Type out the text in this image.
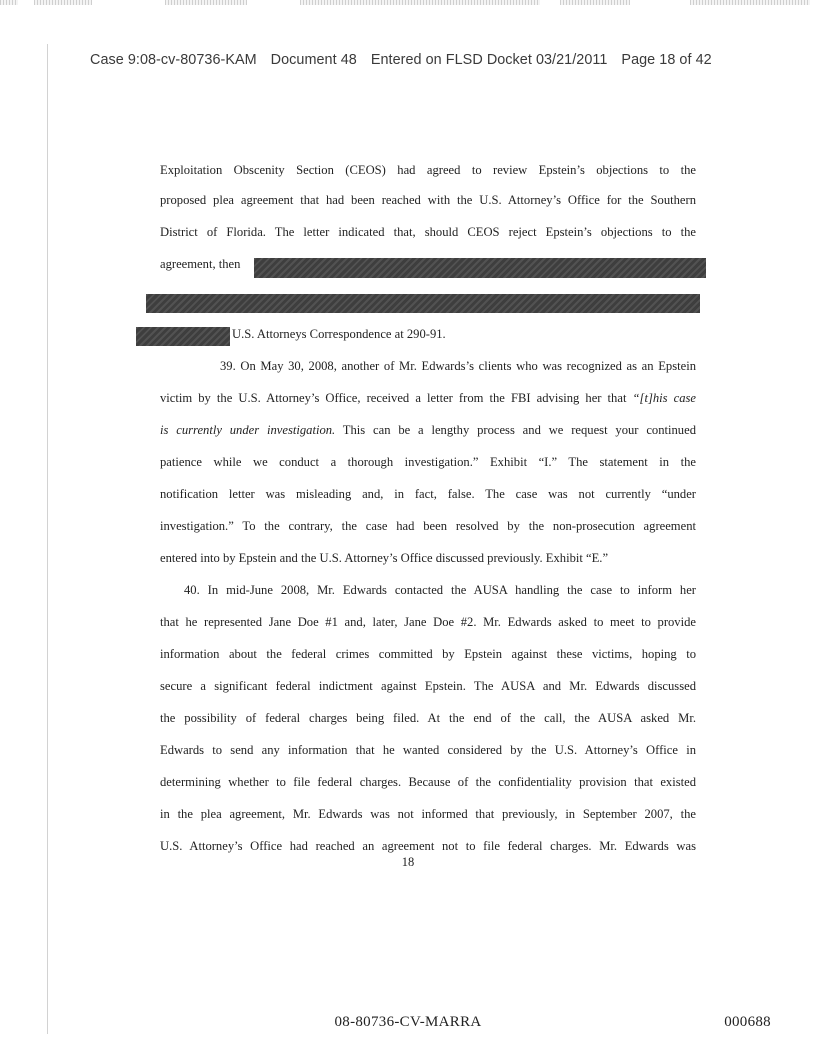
Case 9:08-cv-80736-KAM Document 48 Entered on FLSD Docket 03/21/2011 Page 18 of 42
Exploitation Obscenity Section (CEOS) had agreed to review Epstein’s objections to the
proposed plea agreement that had been reached with the U.S. Attorney’s Office for the Southern
District of Florida. The letter indicated that, should CEOS reject Epstein’s objections to the
agreement, then
U.S. Attorneys Correspondence at 290-91.
39. On May 30, 2008, another of Mr. Edwards’s clients who was recognized as an Epstein
victim by the U.S. Attorney’s Office, received a letter from the FBI advising her that “[t]his case
is currently under investigation. This can be a lengthy process and we request your continued
patience while we conduct a thorough investigation.” Exhibit “I.” The statement in the
notification letter was misleading and, in fact, false. The case was not currently “under
investigation.” To the contrary, the case had been resolved by the non-prosecution agreement
entered into by Epstein and the U.S. Attorney’s Office discussed previously. Exhibit “E.”
40. In mid-June 2008, Mr. Edwards contacted the AUSA handling the case to inform her
that he represented Jane Doe #1 and, later, Jane Doe #2. Mr. Edwards asked to meet to provide
information about the federal crimes committed by Epstein against these victims, hoping to
secure a significant federal indictment against Epstein. The AUSA and Mr. Edwards discussed
the possibility of federal charges being filed. At the end of the call, the AUSA asked Mr.
Edwards to send any information that he wanted considered by the U.S. Attorney’s Office in
determining whether to file federal charges. Because of the confidentiality provision that existed
in the plea agreement, Mr. Edwards was not informed that previously, in September 2007, the
U.S. Attorney’s Office had reached an agreement not to file federal charges. Mr. Edwards was
18
08-80736-CV-MARRA	000688
